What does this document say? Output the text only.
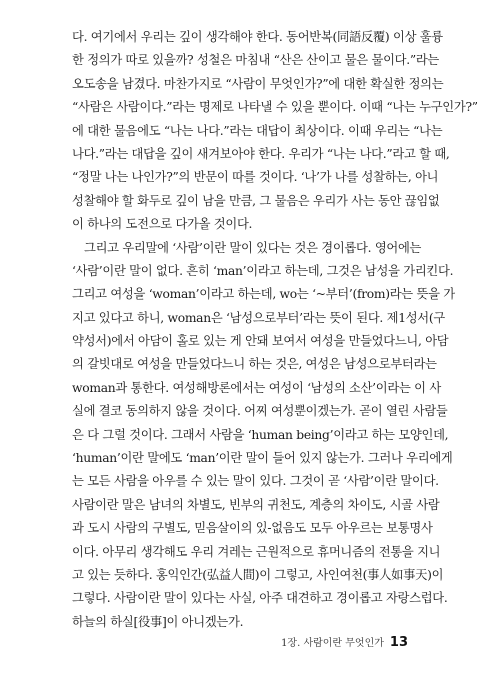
다. 여기에서 우리는 깊이 생각해야 한다. 동어반복(同語反覆) 이상 훌륭
한 정의가 따로 있을까? 성철은 마침내 “산은 산이고 물은 물이다.”라는
오도송을 남겼다. 마찬가지로 “사람이 무엇인가?”에 대한 확실한 정의는
“사람은 사람이다.”라는 명제로 나타낼 수 있을 뿐이다. 이때 “나는 누구인가?”
에 대한 물음에도 “나는 나다.”라는 대답이 최상이다. 이때 우리는 “나는
나다.”라는 대답을 깊이 새겨보아야 한다. 우리가 “나는 나다.”라고 할 때,
“정말 나는 나인가?”의 반문이 따를 것이다. ‘나’가 나를 성찰하는, 아니
성찰해야 할 화두로 깊이 남을 만큼, 그 물음은 우리가 사는 동안 끊임없
이 하나의 도전으로 다가올 것이다.
그리고 우리말에 ‘사람’이란 말이 있다는 것은 경이롭다. 영어에는
‘사람’이란 말이 없다. 흔히 ‘man’이라고 하는데, 그것은 남성을 가리킨다.
그리고 여성을 ‘woman’이라고 하는데, wo는 ‘~부터’(from)라는 뜻을 가
지고 있다고 하니, woman은 ‘남성으로부터’라는 뜻이 된다. 제1성서(구
약성서)에서 아담이 홀로 있는 게 안돼 보여서 여성을 만들었다느니, 아담
의 갈빗대로 여성을 만들었다느니 하는 것은, 여성은 남성으로부터라는
woman과 통한다. 여성해방론에서는 여성이 ‘남성의 소산’이라는 이 사
실에 결코 동의하지 않을 것이다. 어찌 여성뿐이겠는가. 곧이 열린 사람들
은 다 그럴 것이다. 그래서 사람을 ‘human being’이라고 하는 모양인데,
‘human’이란 말에도 ‘man’이란 말이 들어 있지 않는가. 그러나 우리에게
는 모든 사람을 아우를 수 있는 말이 있다. 그것이 곧 ‘사람’이란 말이다.
사람이란 말은 남녀의 차별도, 빈부의 귀천도, 계층의 차이도, 시골 사람
과 도시 사람의 구별도, 믿음살이의 있-없음도 모두 아우르는 보통명사
이다. 아무리 생각해도 우리 겨레는 근원적으로 휴머니즘의 전통을 지니
고 있는 듯하다. 홍익인간(弘益人間)이 그렇고, 사인여천(事人如事天)이
그렇다. 사람이란 말이 있다는 사실, 아주 대견하고 경이롭고 자랑스럽다.
하늘의 하실[役事]이 아니겠는가.
1장. 사람이란 무엇인가 13
